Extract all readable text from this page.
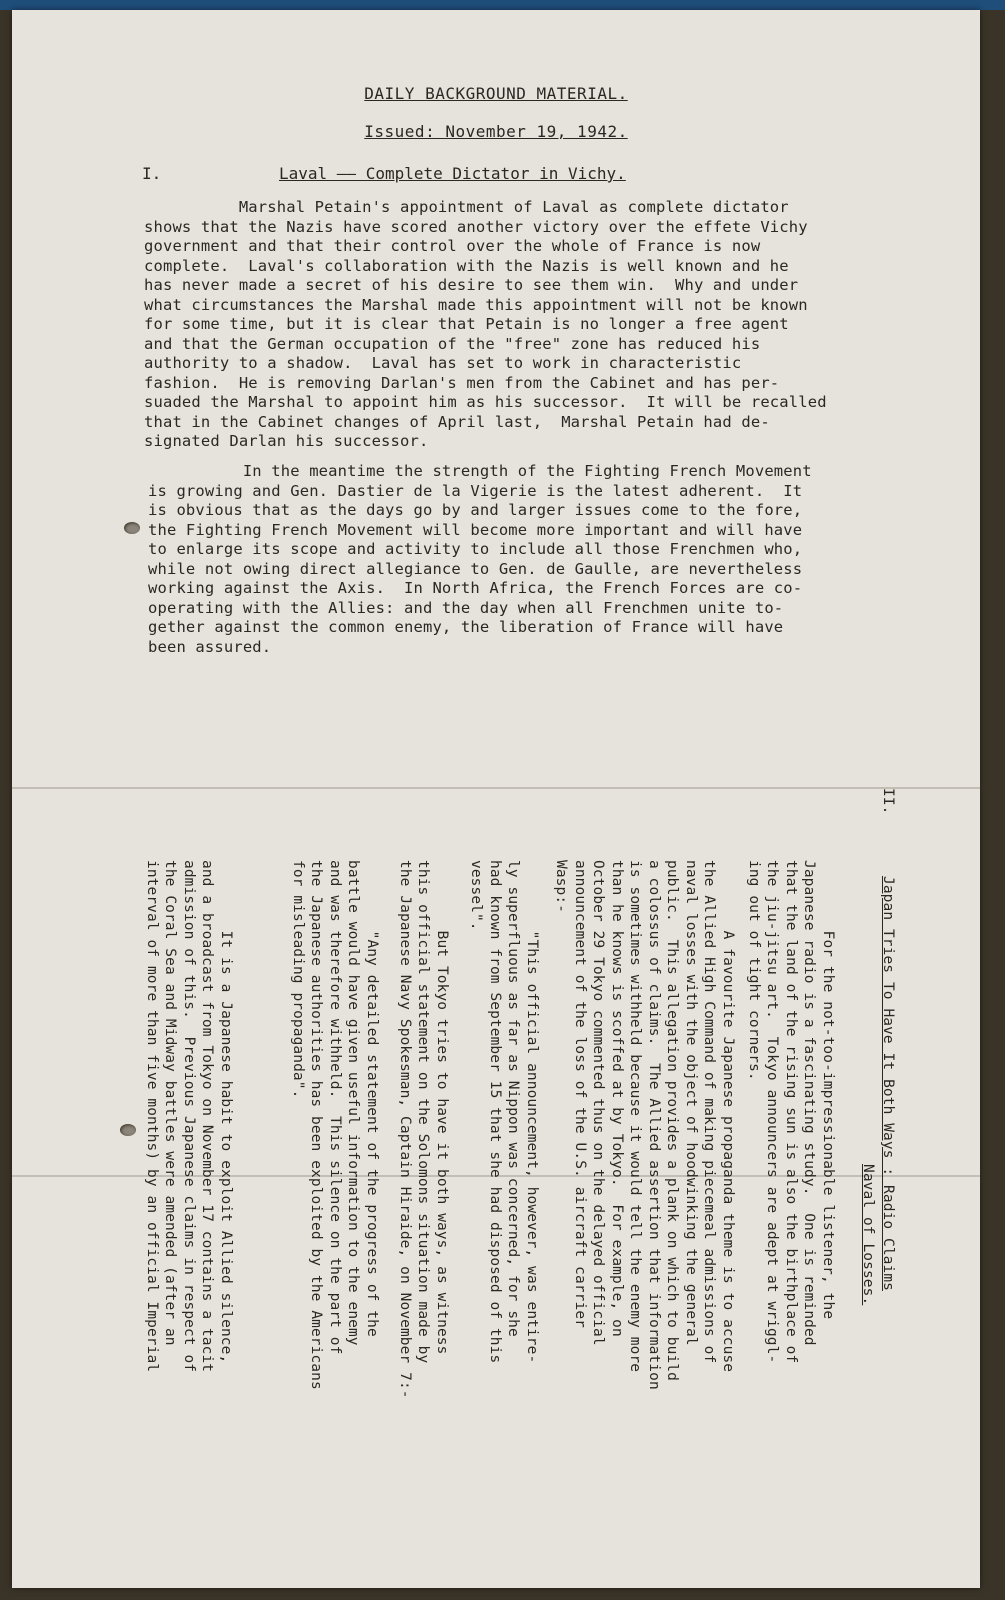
DAILY BACKGROUND MATERIAL.
Issued: November 19, 1942.
I.	Laval —— Complete Dictator in Vichy.
Marshal Petain's appointment of Laval as complete dictator
shows that the Nazis have scored another victory over the effete Vichy
government and that their control over the whole of France is now
complete.  Laval's collaboration with the Nazis is well known and he
has never made a secret of his desire to see them win.  Why and under
what circumstances the Marshal made this appointment will not be known
for some time, but it is clear that Petain is no longer a free agent
and that the German occupation of the "free" zone has reduced his
authority to a shadow.  Laval has set to work in characteristic
fashion.  He is removing Darlan's men from the Cabinet and has per-
suaded the Marshal to appoint him as his successor.  It will be recalled
that in the Cabinet changes of April last,  Marshal Petain had de-
signated Darlan his successor.
In the meantime the strength of the Fighting French Movement
is growing and Gen. Dastier de la Vigerie is the latest adherent.  It
is obvious that as the days go by and larger issues come to the fore,
the Fighting French Movement will become more important and will have
to enlarge its scope and activity to include all those Frenchmen who,
while not owing direct allegiance to Gen. de Gaulle, are nevertheless
working against the Axis.  In North Africa, the French Forces are co-
operating with the Allies: and the day when all Frenchmen unite to-
gether against the common enemy, the liberation of France will have
been assured.
II.
Japan Tries To Have It Both Ways : Radio Claims
Naval of Losses.
For the not-too-impressionable listener, the
Japanese radio is a fascinating study.  One is reminded
that the land of the rising sun is also the birthplace of
the jiu-jitsu art.  Tokyo announcers are adept at wriggl-
ing out of tight corners.
A favourite Japanese propaganda theme is to accuse
the Allied High Command of making piecemeal admissions of
naval losses with the object of hoodwinking the general
public.  This allegation provides a plank on which to build
a colossus of claims.  The Allied assertion that information
is sometimes withheld because it would tell the enemy more
than he knows is scoffed at by Tokyo.  For example, on
October 29 Tokyo commented thus on the delayed official
announcement of the loss of the U.S. aircraft carrier
Wasp:-
"This official announcement, however, was entire-
ly superfluous as far as Nippon was concerned, for she
had known from September 15 that she had disposed of this
vessel".
But Tokyo tries to have it both ways, as witness
this official statement on the Solomons situation made by
the Japanese Navy Spokesman, Captain Hiraide, on November 7:-
"Any detailed statement of the progress of the
battle would have given useful information to the enemy
and was therefore withheld.  This silence on the part of
the Japanese authorities has been exploited by the Americans
for misleading propaganda".
It is a Japanese habit to exploit Allied silence,
and a broadcast from Tokyo on November 17 contains a tacit
admission of this.  Previous Japanese claims in respect of
the Coral Sea and Midway battles were amended (after an
interval of more than five months) by an official Imperial
